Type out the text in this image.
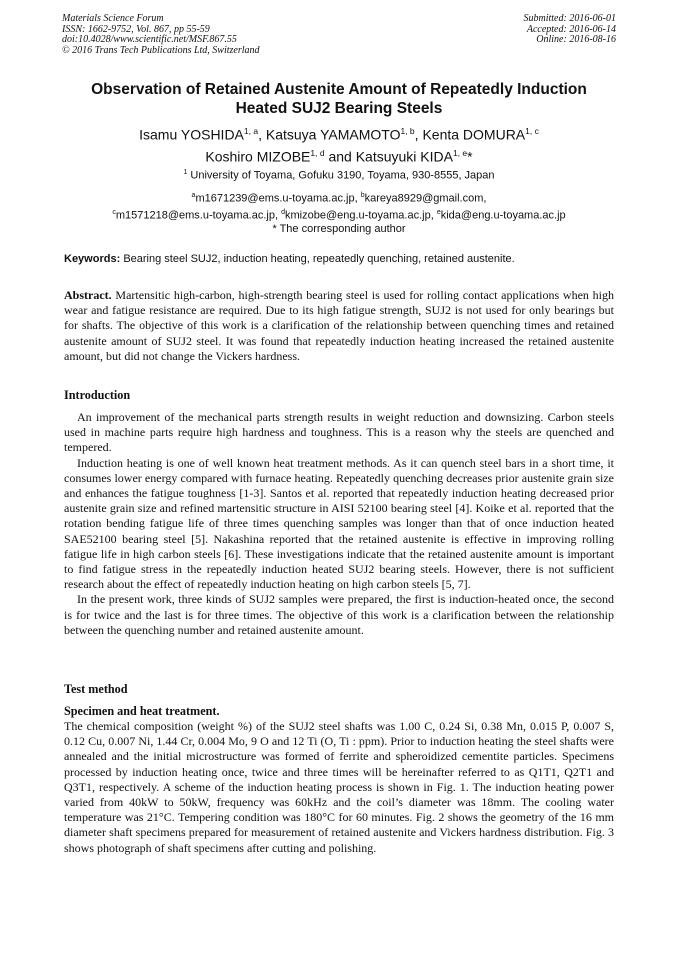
Materials Science Forum
ISSN: 1662-9752, Vol. 867, pp 55-59
doi:10.4028/www.scientific.net/MSF.867.55
© 2016 Trans Tech Publications Ltd, Switzerland
Submitted: 2016-06-01
Accepted: 2016-06-14
Online: 2016-08-16
Observation of Retained Austenite Amount of Repeatedly Induction
Heated SUJ2 Bearing Steels
Isamu YOSHIDA$^{1, a}$, Katsuya YAMAMOTO$^{1, b}$, Kenta DOMURA$^{1, c}$
Koshiro MIZOBE$^{1, d}$ and Katsuyuki KIDA$^{1, e}$*
$^1$ University of Toyama, Gofuku 3190, Toyama, 930-8555, Japan
$^a$m1671239@ems.u-toyama.ac.jp, $^b$kareya8929@gmail.com,
$^c$m1571218@ems.u-toyama.ac.jp, $^d$kmizobe@eng.u-toyama.ac.jp, $^e$kida@eng.u-toyama.ac.jp
* The corresponding author
Keywords: Bearing steel SUJ2, induction heating, repeatedly quenching, retained austenite.
Abstract. Martensitic high-carbon, high-strength bearing steel is used for rolling contact applications when high wear and fatigue resistance are required. Due to its high fatigue strength, SUJ2 is not used for only bearings but for shafts. The objective of this work is a clarification of the relationship between quenching times and retained austenite amount of SUJ2 steel. It was found that repeatedly induction heating increased the retained austenite amount, but did not change the Vickers hardness.
Introduction

An improvement of the mechanical parts strength results in weight reduction and downsizing. Carbon steels used in machine parts require high hardness and toughness. This is a reason why the steels are quenched and tempered.

Induction heating is one of well known heat treatment methods. As it can quench steel bars in a short time, it consumes lower energy compared with furnace heating. Repeatedly quenching decreases prior austenite grain size and enhances the fatigue toughness [1-3]. Santos et al. reported that repeatedly induction heating decreased prior austenite grain size and refined martensitic structure in AISI 52100 bearing steel [4]. Koike et al. reported that the rotation bending fatigue life of three times quenching samples was longer than that of once induction heated SAE52100 bearing steel [5]. Nakashina reported that the retained austenite is effective in improving rolling fatigue life in high carbon steels [6]. These investigations indicate that the retained austenite amount is important to find fatigue stress in the repeatedly induction heated SUJ2 bearing steels. However, there is not sufficient research about the effect of repeatedly induction heating on high carbon steels [5, 7].

In the present work, three kinds of SUJ2 samples were prepared, the first is induction-heated once, the second is for twice and the last is for three times. The objective of this work is a clarification between the relationship between the quenching number and retained austenite amount.

Test method
Specimen and heat treatment.

The chemical composition (weight %) of the SUJ2 steel shafts was 1.00 C, 0.24 Si, 0.38 Mn, 0.015 P, 0.007 S, 0.12 Cu, 0.007 Ni, 1.44 Cr, 0.004 Mo, 9 O and 12 Ti (O, Ti : ppm). Prior to induction heating the steel shafts were annealed and the initial microstructure was formed of ferrite and spheroidized cementite particles. Specimens processed by induction heating once, twice and three times will be hereinafter referred to as Q1T1, Q2T1 and Q3T1, respectively. A scheme of the induction heating process is shown in Fig. 1. The induction heating power varied from 40kW to 50kW, frequency was 60kHz and the coil’s diameter was 18mm. The cooling water temperature was 21°C. Tempering condition was 180°C for 60 minutes. Fig. 2 shows the geometry of the 16 mm diameter shaft specimens prepared for measurement of retained austenite and Vickers hardness distribution. Fig. 3 shows photograph of shaft specimens after cutting and polishing.
